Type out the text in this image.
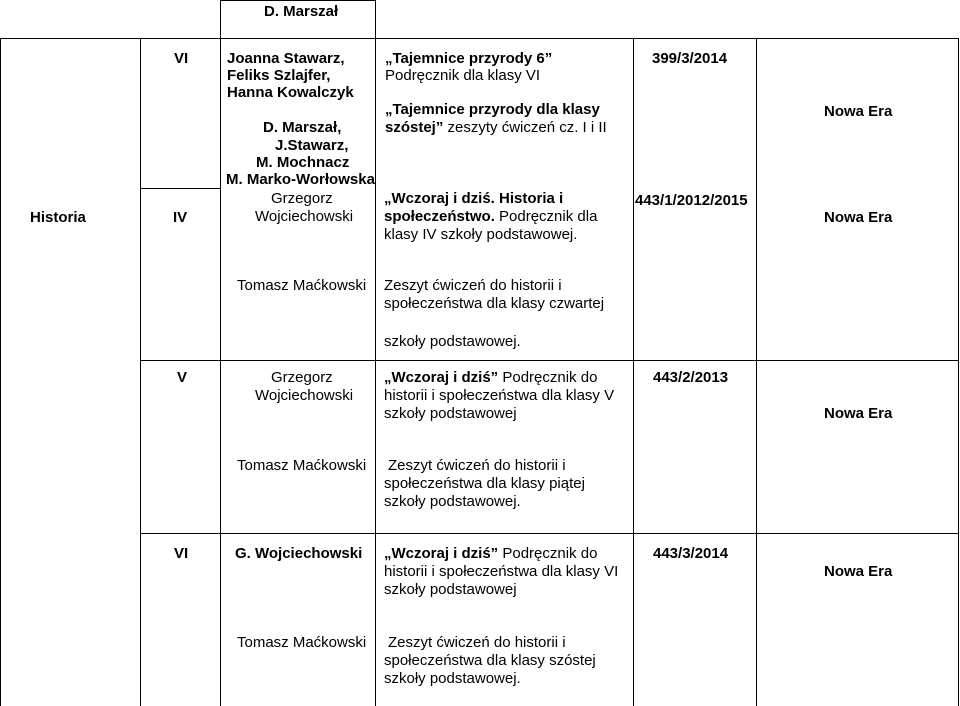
D. Marszał
Historia
VI
IV
V
VI
Joanna Stawarz,
Feliks Szlajfer,
Hanna Kowalczyk
D. Marszał,
J.Stawarz,
M. Mochnacz
M. Marko-Worłowska
Grzegorz
Wojciechowski
Tomasz Maćkowski
Grzegorz
Wojciechowski
Tomasz Maćkowski
G. Wojciechowski
Tomasz Maćkowski
„Tajemnice przyrody 6”
Podręcznik dla klasy VI
„Tajemnice przyrody dla klasy
szóstej” zeszyty ćwiczeń cz. I i II
„Wczoraj i dziś. Historia i
społeczeństwo. Podręcznik dla
klasy IV szkoły podstawowej.
Zeszyt ćwiczeń do historii i
społeczeństwa dla klasy czwartej
szkoły podstawowej.
„Wczoraj i dziś” Podręcznik do
historii i społeczeństwa dla klasy V
szkoły podstawowej
Zeszyt ćwiczeń do historii i
społeczeństwa dla klasy piątej
szkoły podstawowej.
„Wczoraj i dziś” Podręcznik do
historii i społeczeństwa dla klasy VI
szkoły podstawowej
Zeszyt ćwiczeń do historii i
społeczeństwa dla klasy szóstej
szkoły podstawowej.
399/3/2014
443/1/2012/2015
443/2/2013
443/3/2014
Nowa Era
Nowa Era
Nowa Era
Nowa Era
